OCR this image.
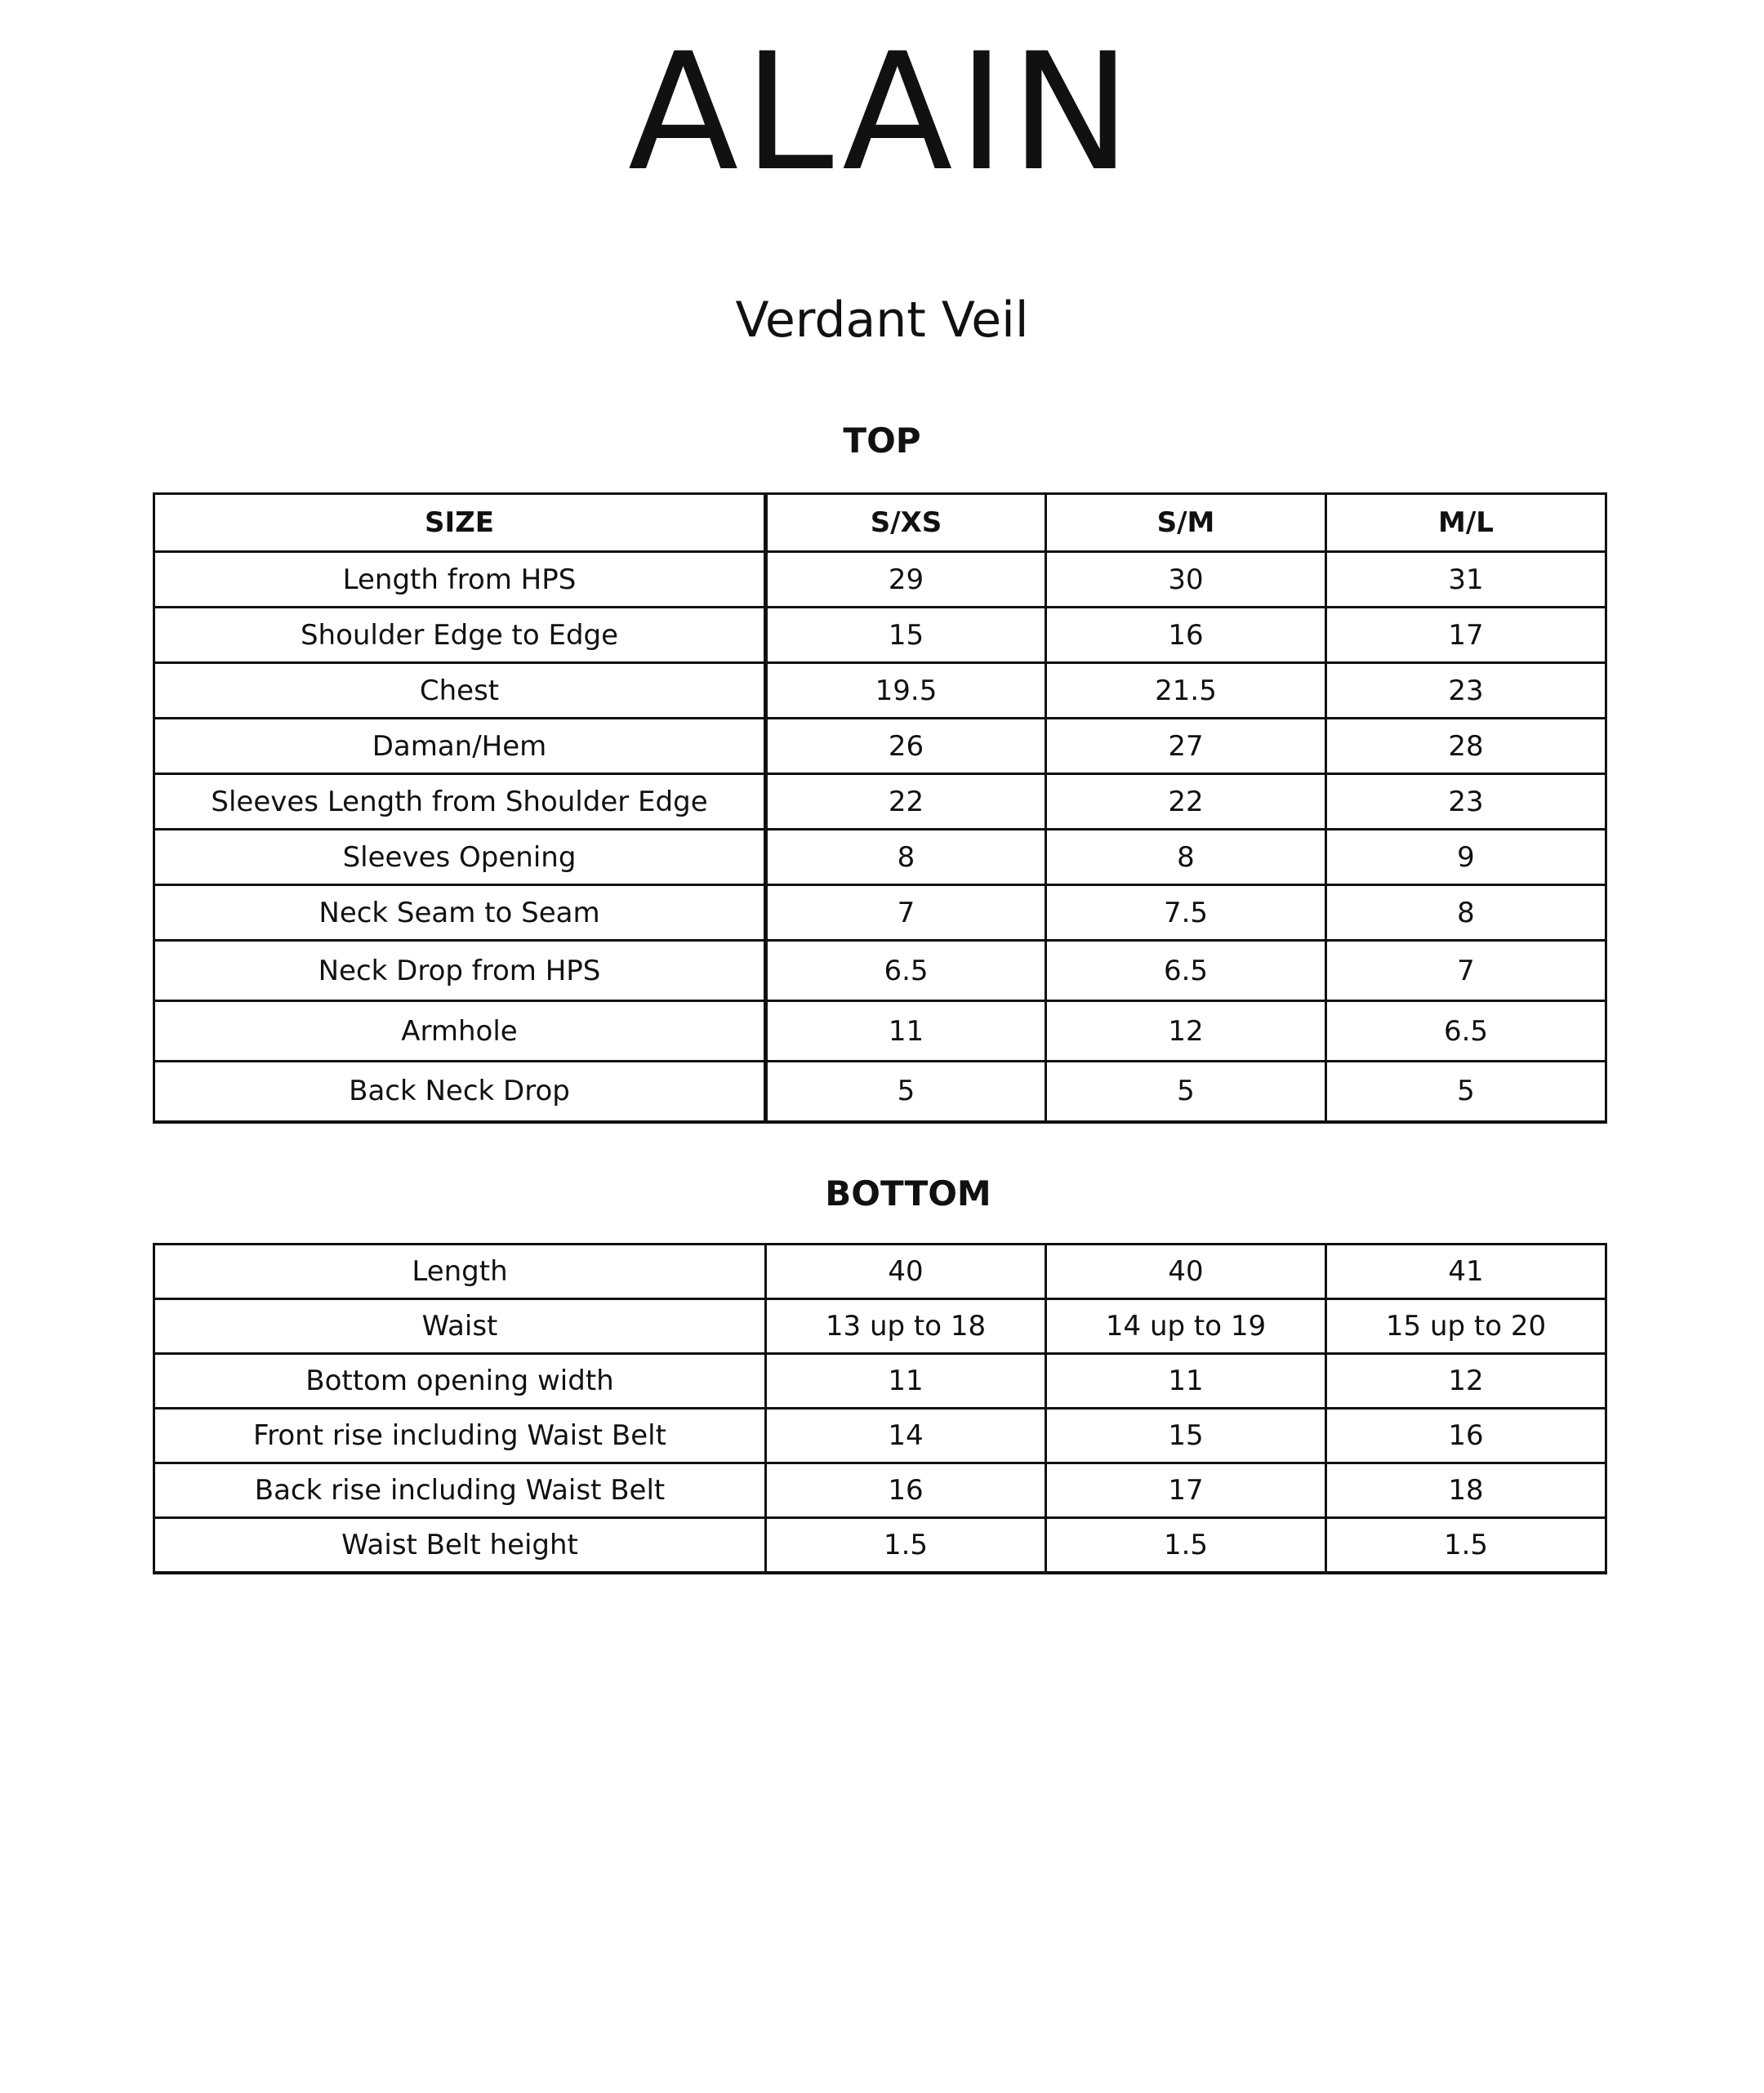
ALAIN
Verdant Veil
TOP
SIZE	S/XS	S/M	M/L
Length from HPS	29	30	31
Shoulder Edge to Edge	15	16	17
Chest	19.5	21.5	23
Daman/Hem	26	27	28
Sleeves Length from Shoulder Edge	22	22	23
Sleeves Opening	8	8	9
Neck Seam to Seam	7	7.5	8
Neck Drop from HPS	6.5	6.5	7
Armhole	11	12	6.5
Back Neck Drop	5	5	5
BOTTOM
Length	40	40	41
Waist	13 up to 18	14 up to 19	15 up to 20
Bottom opening width	11	11	12
Front rise including Waist Belt	14	15	16
Back rise including Waist Belt	16	17	18
Waist Belt height	1.5	1.5	1.5
